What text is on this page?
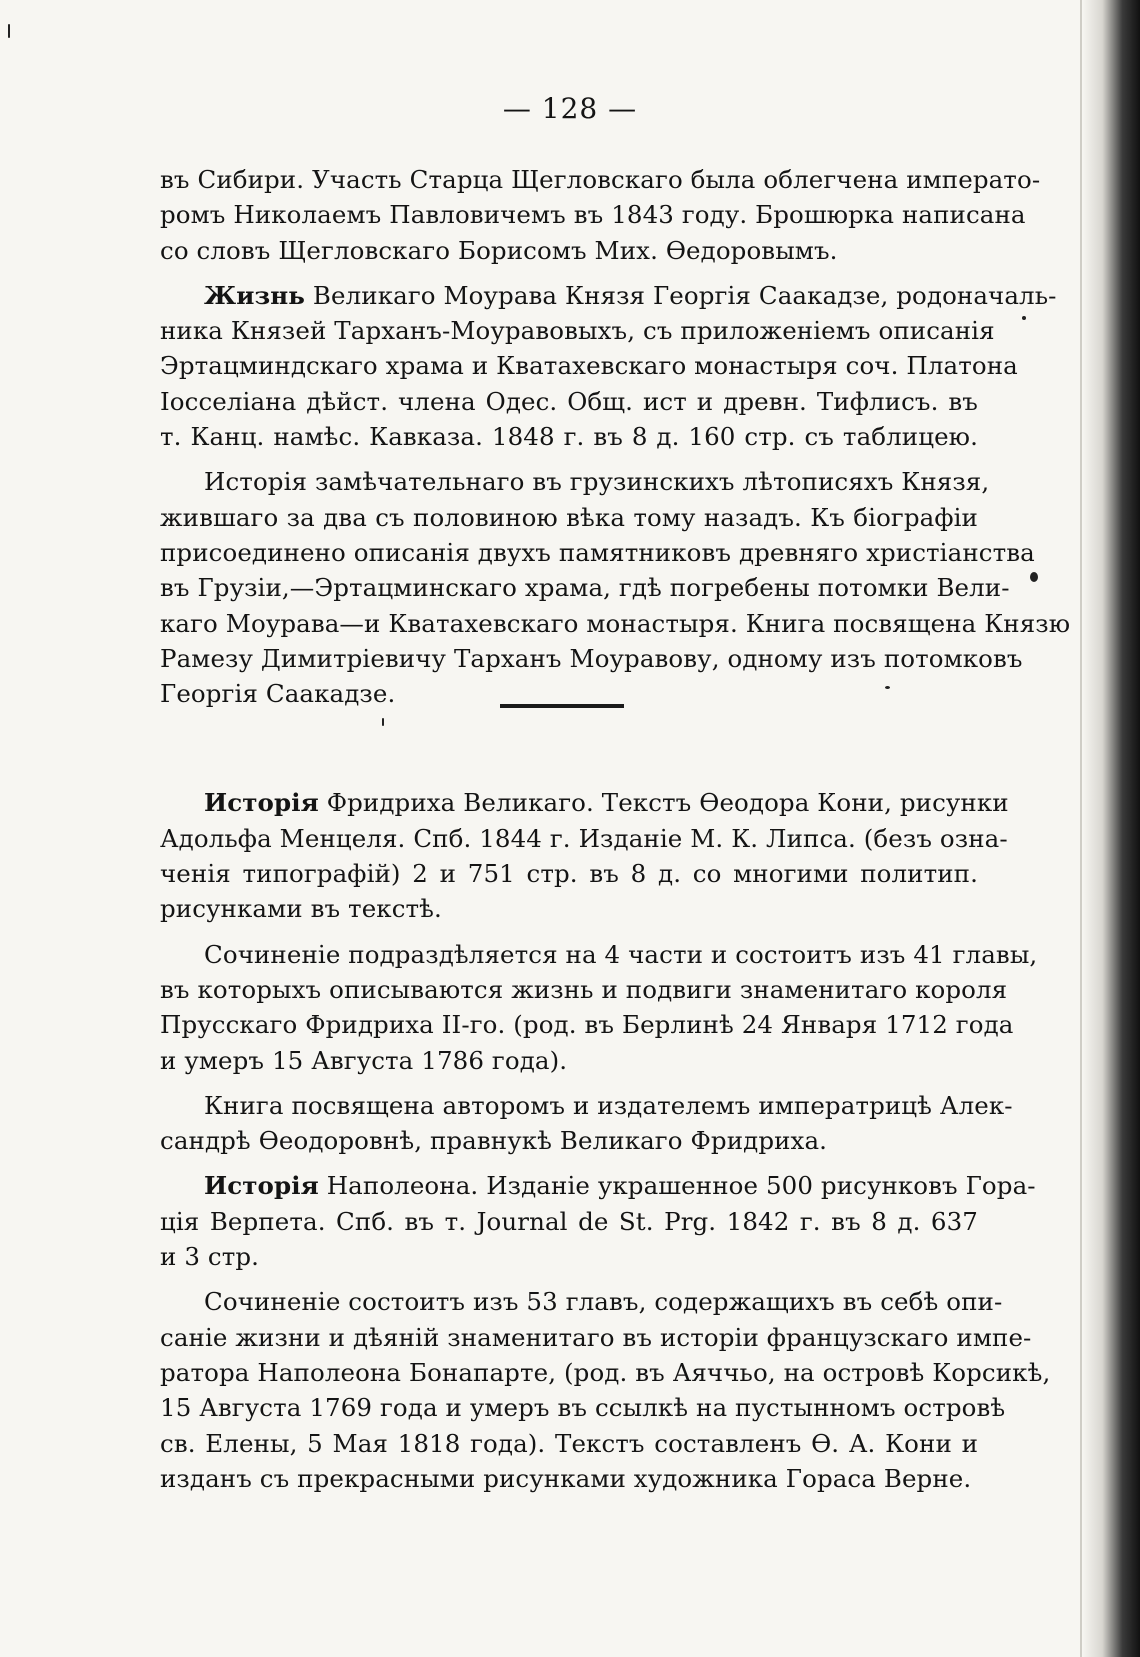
— 128 —
въ Сибири. Участь Старца Щегловскаго была облегчена императо-
ромъ Николаемъ Павловичемъ въ 1843 году. Брошюрка написана
со словъ Щегловскаго Борисомъ Мих. Өедоровымъ.
Жизнь Великаго Моурава Князя Георгія Саакадзе, родоначаль-
ника Князей Тарханъ-Моуравовыхъ, съ приложеніемъ описанія
Эртацминдскаго храма и Кватахевскаго монастыря соч. Платона
Іосселіана дѣйст. члена Одес. Общ. ист и древн. Тифлисъ. въ
т. Канц. намѣс. Кавказа. 1848 г. въ 8 д. 160 стр. съ таблицею.
Исторія замѣчательнаго въ грузинскихъ лѣтописяхъ Князя,
жившаго за два съ половиною вѣка тому назадъ. Къ біографіи
присоединено описанія двухъ памятниковъ древняго христіанства
въ Грузіи,—Эртацминскаго храма, гдѣ погребены потомки Вели-
каго Моурава—и Кватахевскаго монастыря. Книга посвящена Князю
Рамезу Димитріевичу Тарханъ Моуравову, одному изъ потомковъ
Георгія Саакадзе.
Исторія Фридриха Великаго. Текстъ Өеодора Кони, рисунки
Адольфа Менцеля. Спб. 1844 г. Изданіе М. К. Липса. (безъ озна-
ченія типографій) 2 и 751 стр. въ 8 д. со многими политип.
рисунками въ текстѣ.
Сочиненіе подраздѣляется на 4 части и состоитъ изъ 41 главы,
въ которыхъ описываются жизнь и подвиги знаменитаго короля
Прусскаго Фридриха II-го. (род. въ Берлинѣ 24 Января 1712 года
и умеръ 15 Августа 1786 года).
Книга посвящена авторомъ и издателемъ императрицѣ Алек-
сандрѣ Өеодоровнѣ, правнукѣ Великаго Фридриха.
Исторія Наполеона. Изданіе украшенное 500 рисунковъ Гора-
ція Верпета. Спб. въ т. Journal de St. Prg. 1842 г. въ 8 д. 637
и 3 стр.
Сочиненіе состоитъ изъ 53 главъ, содержащихъ въ себѣ опи-
саніе жизни и дѣяній знаменитаго въ исторіи французскаго импе-
ратора Наполеона Бонапарте, (род. въ Аяччьо, на островѣ Корсикѣ,
15 Августа 1769 года и умеръ въ ссылкѣ на пустынномъ островѣ
св. Елены, 5 Мая 1818 года). Текстъ составленъ Ө. А. Кони и
изданъ съ прекрасными рисунками художника Гораса Верне.
